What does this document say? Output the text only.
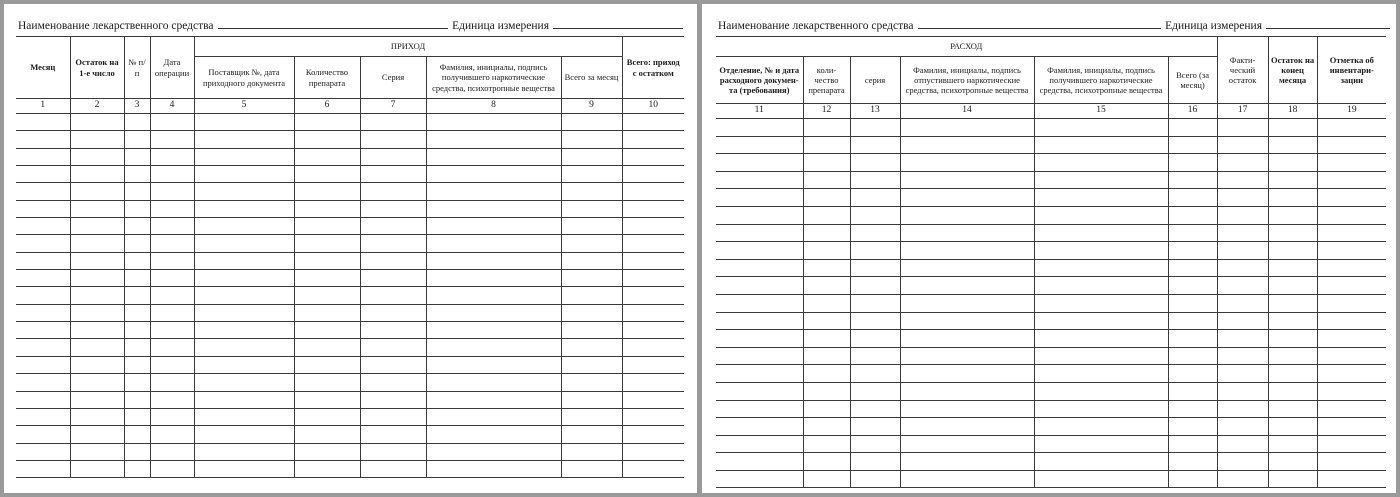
Наименование лекарственного средства	Единица измерения
Месяц	Остаток на 1-е число	№ п/п	Дата операции	ПРИХОД					Всего: приход с остатком
				Поставщик №, дата приходного документа	Количество препарата	Серия	Фамилия, инициалы, подпись получившего наркотические средства, психотропные вещества	Всего за месяц	
1	2	3	4	5	6	7	8	9	10

Наименование лекарственного средства	Единица измерения
РАСХОД						Факти-ческий остаток	Остаток на конец месяца	Отметка об инвентари-зации
Отделение, № и дата расходного докумен-та (требования)	коли-чество препарата	серия	Фамилия, инициалы, подпись отпустившего наркотические средства, психотропные вещества	Фамилия, инициалы, подпись получившего наркотические средства, психотропные вещества	Всего (за месяц)			
11	12	13	14	15	16	17	18	19
